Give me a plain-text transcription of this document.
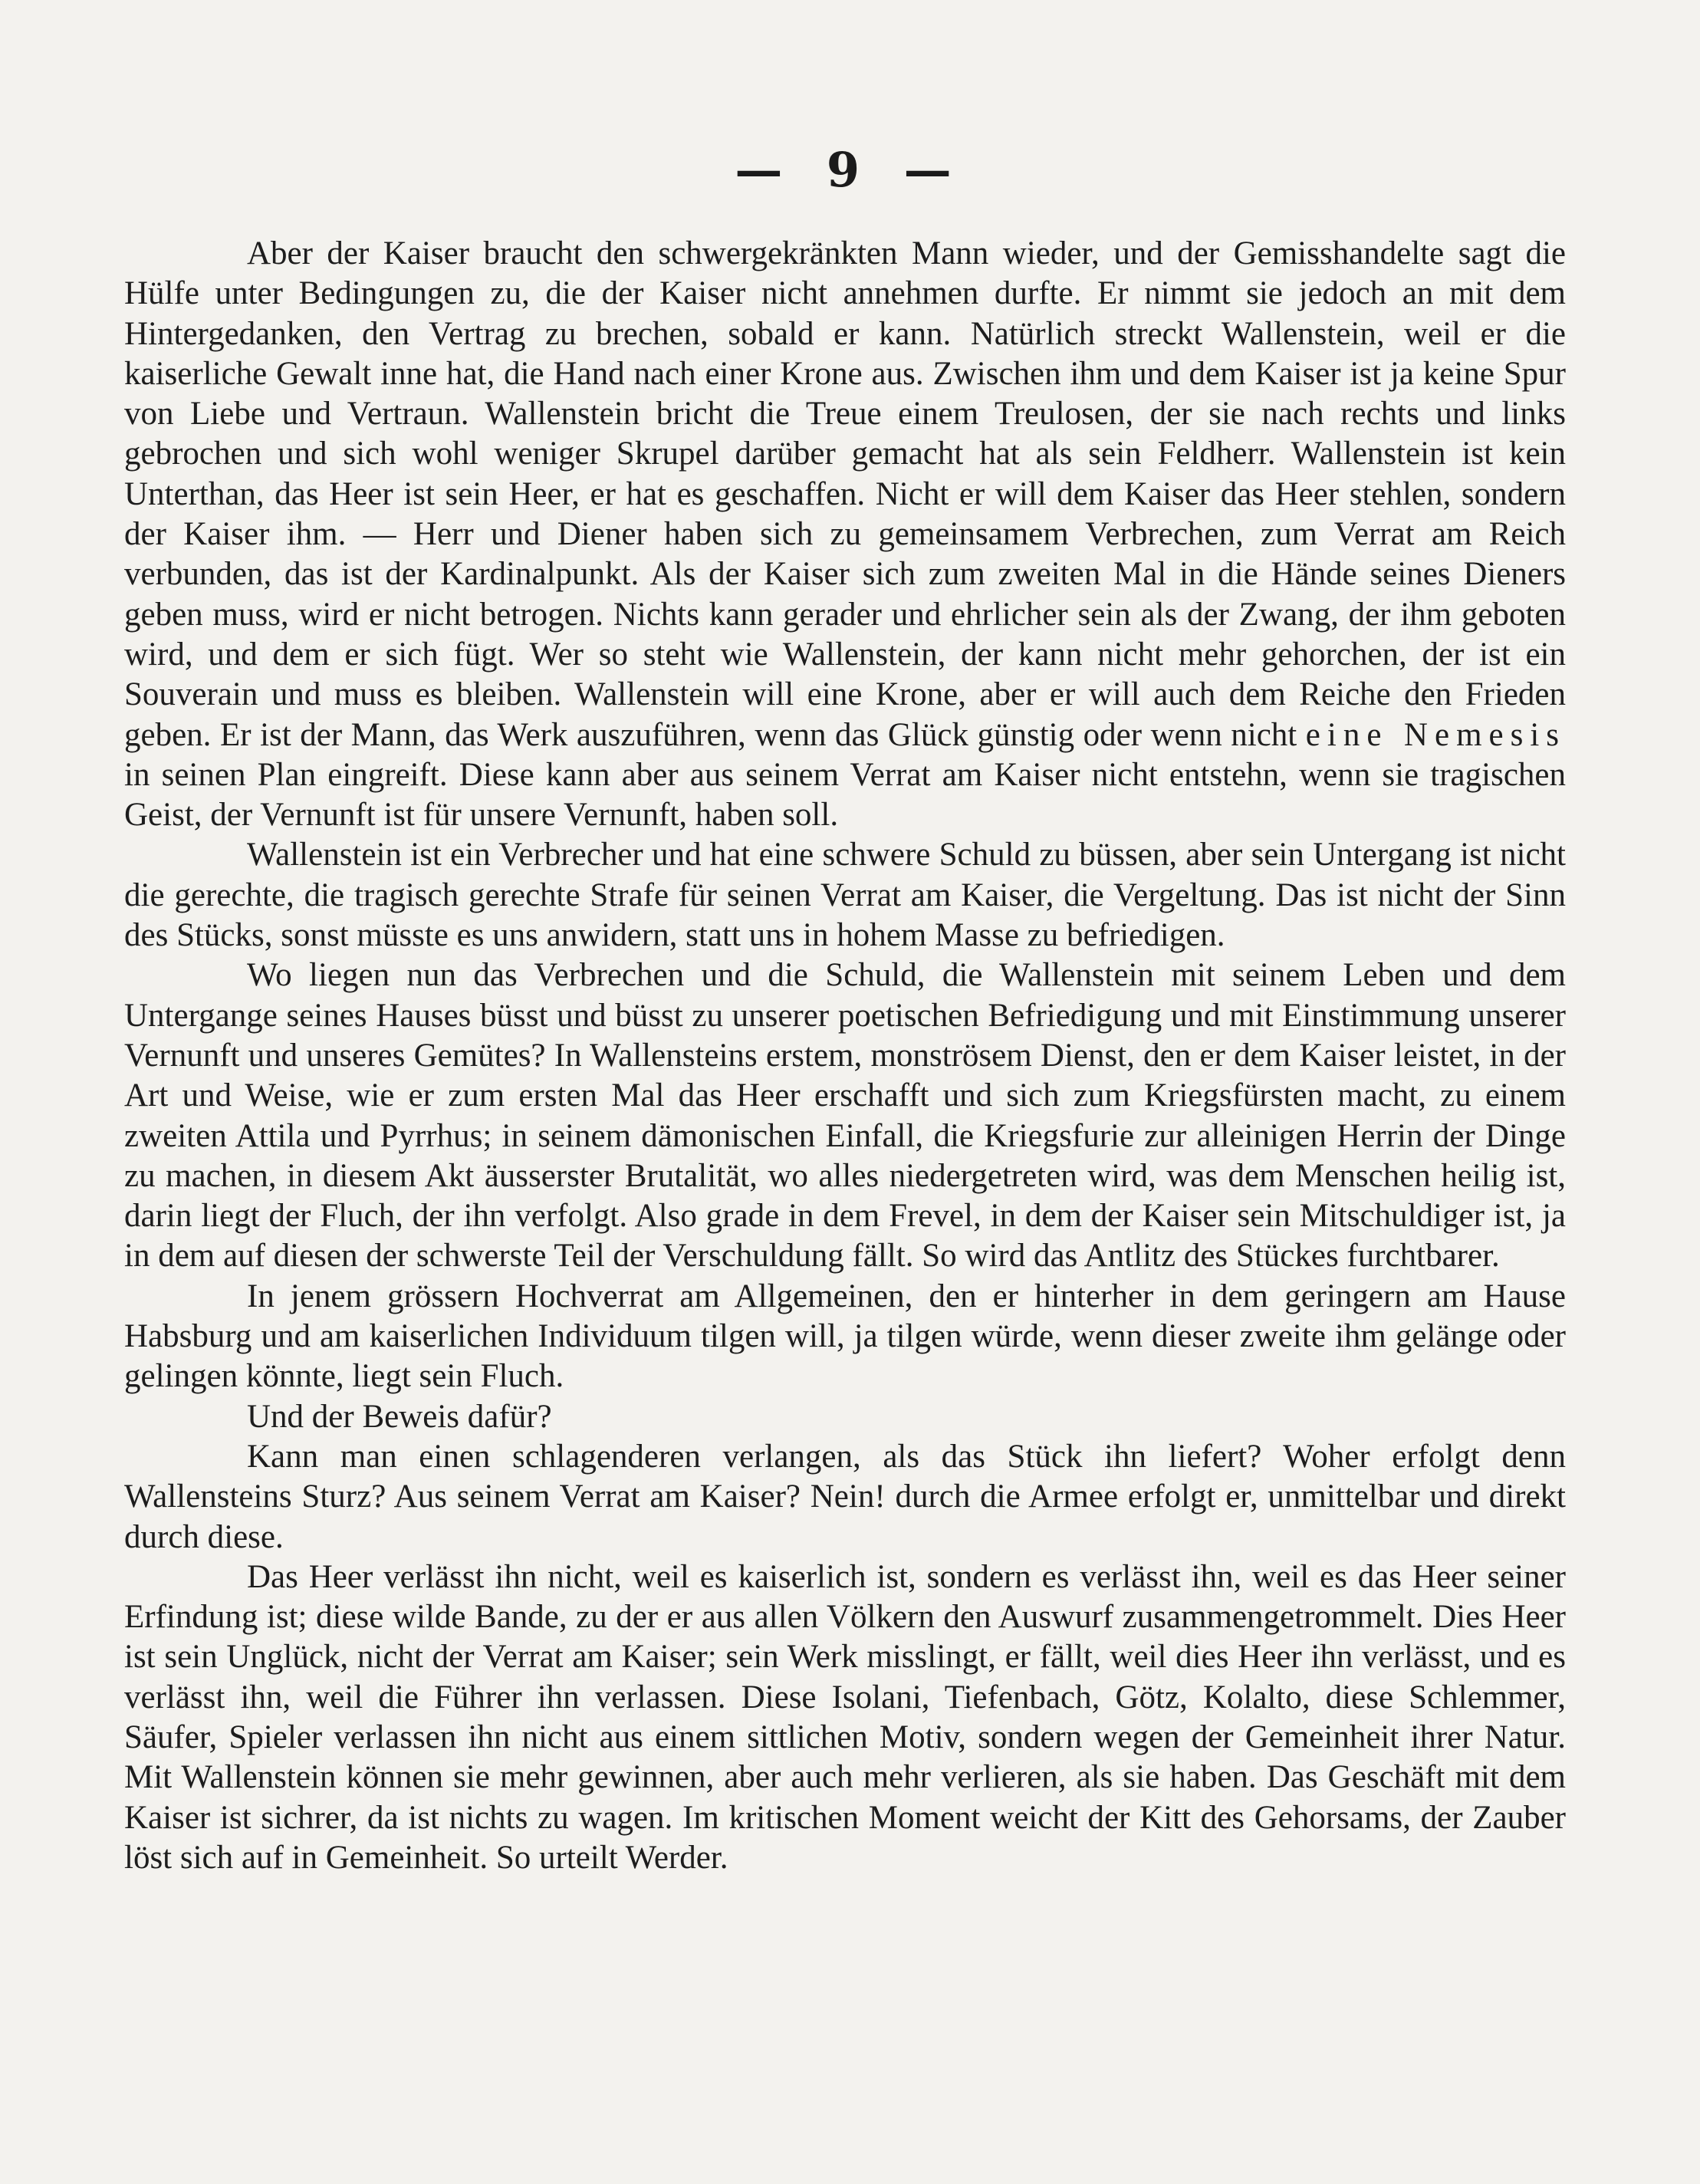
— 9 —

Aber der Kaiser braucht den schwergekränkten Mann wieder, und der Gemisshandelte sagt die Hülfe unter Bedingungen zu, die der Kaiser nicht annehmen durfte. Er nimmt sie jedoch an mit dem Hintergedanken, den Vertrag zu brechen, sobald er kann. Natürlich streckt Wallenstein, weil er die kaiserliche Gewalt inne hat, die Hand nach einer Krone aus. Zwischen ihm und dem Kaiser ist ja keine Spur von Liebe und Vertraun. Wallenstein bricht die Treue einem Treulosen, der sie nach rechts und links gebrochen und sich wohl weniger Skrupel darüber gemacht hat als sein Feldherr. Wallenstein ist kein Unterthan, das Heer ist sein Heer, er hat es geschaffen. Nicht er will dem Kaiser das Heer stehlen, sondern der Kaiser ihm. — Herr und Diener haben sich zu gemeinsamem Verbrechen, zum Verrat am Reich verbunden, das ist der Kardinalpunkt. Als der Kaiser sich zum zweiten Mal in die Hände seines Dieners geben muss, wird er nicht betrogen. Nichts kann gerader und ehrlicher sein als der Zwang, der ihm geboten wird, und dem er sich fügt. Wer so steht wie Wallenstein, der kann nicht mehr gehorchen, der ist ein Souverain und muss es bleiben. Wallenstein will eine Krone, aber er will auch dem Reiche den Frieden geben. Er ist der Mann, das Werk auszuführen, wenn das Glück günstig oder wenn nicht eine Nemesis in seinen Plan eingreift. Diese kann aber aus seinem Verrat am Kaiser nicht entstehn, wenn sie tragischen Geist, der Vernunft ist für unsere Vernunft, haben soll.

Wallenstein ist ein Verbrecher und hat eine schwere Schuld zu büssen, aber sein Untergang ist nicht die gerechte, die tragisch gerechte Strafe für seinen Verrat am Kaiser, die Vergeltung. Das ist nicht der Sinn des Stücks, sonst müsste es uns anwidern, statt uns in hohem Masse zu befriedigen.

Wo liegen nun das Verbrechen und die Schuld, die Wallenstein mit seinem Leben und dem Untergange seines Hauses büsst und büsst zu unserer poetischen Befriedigung und mit Einstimmung unserer Vernunft und unseres Gemütes? In Wallensteins erstem, monströsem Dienst, den er dem Kaiser leistet, in der Art und Weise, wie er zum ersten Mal das Heer erschafft und sich zum Kriegsfürsten macht, zu einem zweiten Attila und Pyrrhus; in seinem dämonischen Einfall, die Kriegsfurie zur alleinigen Herrin der Dinge zu machen, in diesem Akt äusserster Brutalität, wo alles niedergetreten wird, was dem Menschen heilig ist, darin liegt der Fluch, der ihn verfolgt. Also grade in dem Frevel, in dem der Kaiser sein Mitschuldiger ist, ja in dem auf diesen der schwerste Teil der Verschuldung fällt. So wird das Antlitz des Stückes furchtbarer.

In jenem grössern Hochverrat am Allgemeinen, den er hinterher in dem geringern am Hause Habsburg und am kaiserlichen Individuum tilgen will, ja tilgen würde, wenn dieser zweite ihm gelänge oder gelingen könnte, liegt sein Fluch.

Und der Beweis dafür?

Kann man einen schlagenderen verlangen, als das Stück ihn liefert? Woher erfolgt denn Wallensteins Sturz? Aus seinem Verrat am Kaiser? Nein! durch die Armee erfolgt er, unmittelbar und direkt durch diese.

Das Heer verlässt ihn nicht, weil es kaiserlich ist, sondern es verlässt ihn, weil es das Heer seiner Erfindung ist; diese wilde Bande, zu der er aus allen Völkern den Auswurf zusammengetrommelt. Dies Heer ist sein Unglück, nicht der Verrat am Kaiser; sein Werk misslingt, er fällt, weil dies Heer ihn verlässt, und es verlässt ihn, weil die Führer ihn verlassen. Diese Isolani, Tiefenbach, Götz, Kolalto, diese Schlemmer, Säufer, Spieler verlassen ihn nicht aus einem sittlichen Motiv, sondern wegen der Gemeinheit ihrer Natur. Mit Wallenstein können sie mehr gewinnen, aber auch mehr verlieren, als sie haben. Das Geschäft mit dem Kaiser ist sichrer, da ist nichts zu wagen. Im kritischen Moment weicht der Kitt des Gehorsams, der Zauber löst sich auf in Gemeinheit. So urteilt Werder.
